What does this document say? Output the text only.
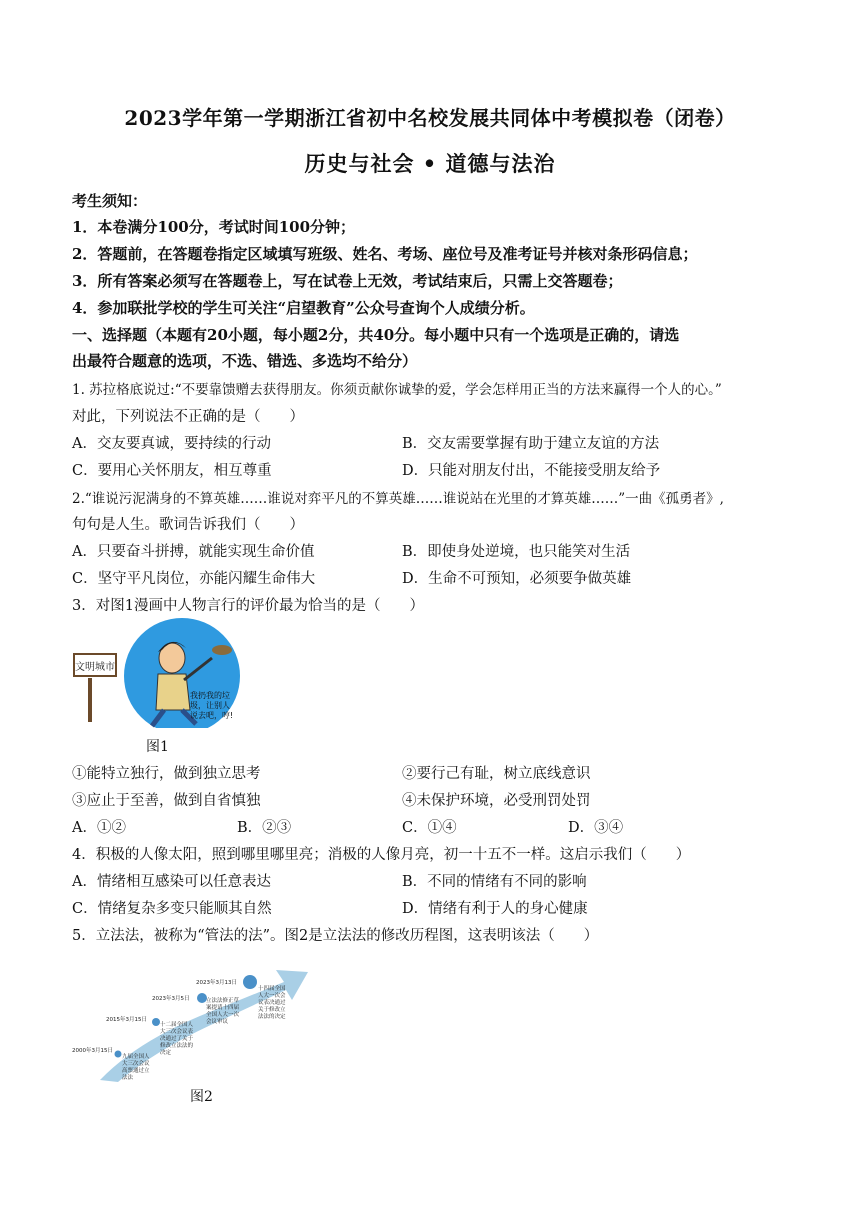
2023学年第一学期浙江省初中名校发展共同体中考模拟卷（闭卷）
历史与社会 • 道德与法治
考生须知：
1．本卷满分100分，考试时间100分钟；
2．答题前，在答题卷指定区域填写班级、姓名、考场、座位号及准考证号并核对条形码信息；
3．所有答案必须写在答题卷上，写在试卷上无效，考试结束后，只需上交答题卷；
4．参加联批学校的学生可关注“启望教育”公众号查询个人成绩分析。
一、选择题（本题有20小题，每小题2分，共40分。每小题中只有一个选项是正确的，请选
出最符合题意的选项，不选、错选、多选均不给分）
1. 苏拉格底说过:“不要靠馈赠去获得朋友。你须贡献你诚挚的爱，学会怎样用正当的方法来赢得一个人的心。”
对此，下列说法不正确的是（　　）
A．交友要真诚，要持续的行动	B．交友需要掌握有助于建立友谊的方法
C．要用心关怀朋友，相互尊重	D．只能对朋友付出，不能接受朋友给予
2.“谁说污泥满身的不算英雄……谁说对弈平凡的不算英雄……谁说站在光里的才算英雄……”一曲《孤勇者》,
句句是人生。歌词告诉我们（　　）
A．只要奋斗拼搏，就能实现生命价值	B．即使身处逆境，也只能笑对生活
C．坚守平凡岗位，亦能闪耀生命伟大	D．生命不可预知，必须要争做英雄
3．对图1漫画中人物言行的评价最为恰当的是（　　）
文明城市
我扔我的垃
圾，让别人
说去吧，哼!
图1
①能特立独行，做到独立思考	②要行己有耻，树立底线意识
③应止于至善，做到自省慎独	④未保护环境，必受刑罚处罚
A．①②	B．②③	C．①④	D．③④
4．积极的人像太阳，照到哪里哪里亮；消极的人像月亮，初一十五不一样。这启示我们（　　）
A．情绪相互感染可以任意表达	B．不同的情绪有不同的影响
C．情绪复杂多变只能顺其自然	D．情绪有利于人的身心健康
5．立法法，被称为“管法的法”。图2是立法法的修改历程图，这表明该法（　　）
2000年3月15日
九届全国人
大三次会议
高票通过立
法法
2015年3月15日
十二届全国人
大三次会议表
决通过了关于
修改立法法的
决定
2023年3月5日	立法法修正草
案提请十四届
全国人大一次
会议审议
2023年3月13日
十四届全国
人大一次会
议表决通过
关于修改立
法法的决定
图2
